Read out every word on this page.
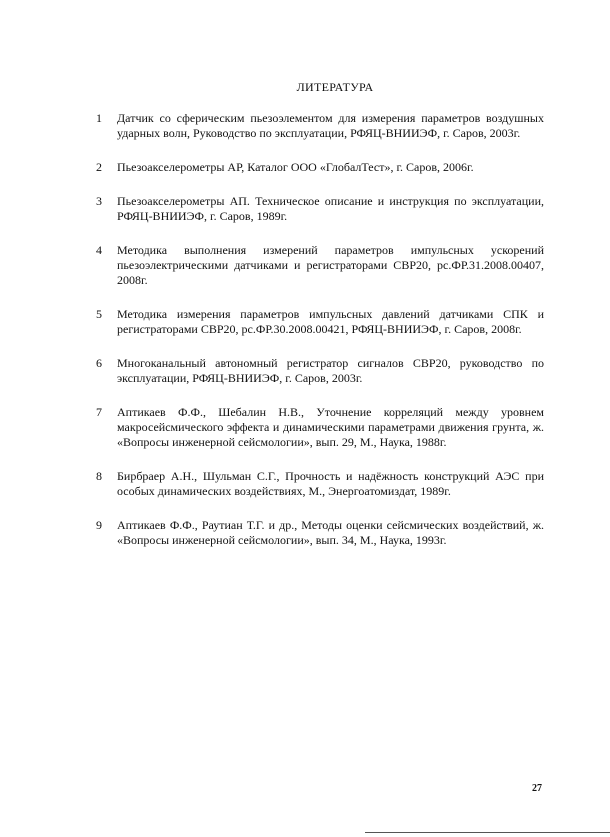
ЛИТЕРАТУРА
1	Датчик со сферическим пьезоэлементом для измерения параметров воздушных ударных волн, Руководство по эксплуатации, РФЯЦ-ВНИИЭФ, г. Саров, 2003г.
2	Пьезоакселерометры АР, Каталог ООО «ГлобалТест», г. Саров, 2006г.
3	Пьезоакселерометры АП. Техническое описание и инструкция по эксплуатации, РФЯЦ-ВНИИЭФ, г. Саров, 1989г.
4	Методика выполнения измерений параметров импульсных ускорений пьезоэлектрическими датчиками и регистраторами СВР20, рс.ФР.31.2008.00407, 2008г.
5	Методика измерения параметров импульсных давлений датчиками СПК и регистраторами СВР20, рс.ФР.30.2008.00421, РФЯЦ-ВНИИЭФ, г. Саров, 2008г.
6	Многоканальный автономный регистратор сигналов СВР20, руководство по эксплуатации, РФЯЦ-ВНИИЭФ, г. Саров, 2003г.
7	Аптикаев Ф.Ф., Шебалин Н.В., Уточнение корреляций между уровнем макросейсмического эффекта и динамическими параметрами движения грунта, ж. «Вопросы инженерной сейсмологии», вып. 29, М., Наука, 1988г.
8	Бирбраер А.Н., Шульман С.Г., Прочность и надёжность конструкций АЭС при особых динамических воздействиях, М., Энергоатомиздат, 1989г.
9	Аптикаев Ф.Ф., Раутиан Т.Г. и др., Методы оценки сейсмических воздействий, ж. «Вопросы инженерной сейсмологии», вып. 34, М., Наука, 1993г.
27
